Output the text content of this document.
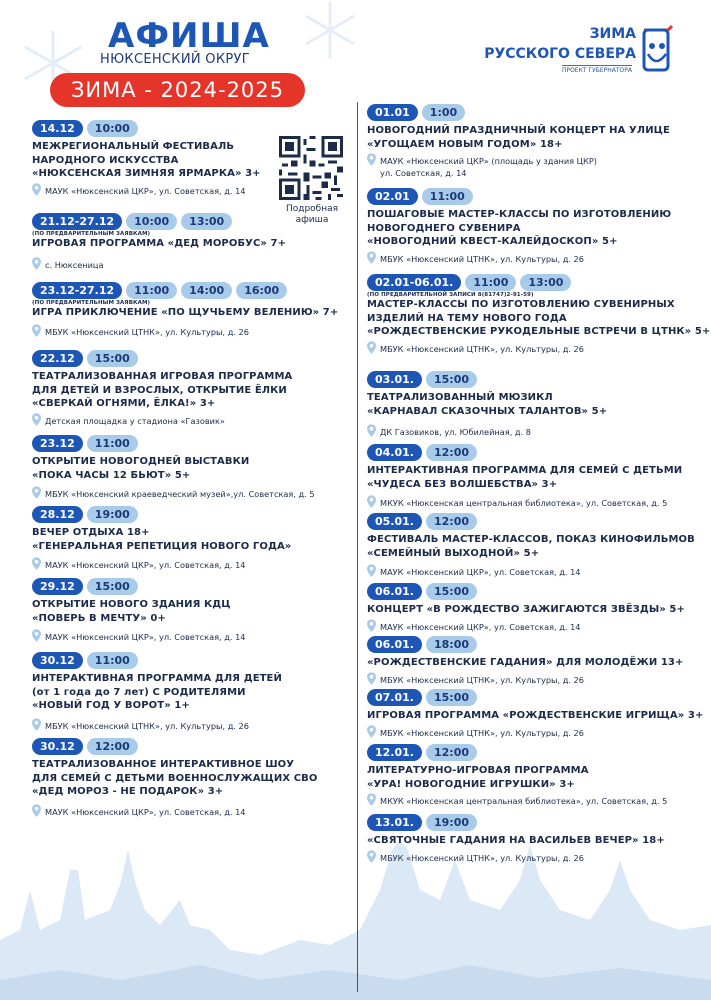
АФИША
НЮКСЕНСКИЙ ОКРУГ
ЗИМА - 2024-2025
ЗИМА
РУССКОГО СЕВЕРА
ПРОЕКТ ГУБЕРНАТОРА
Подробная
афиша
14.12	10:00
МЕЖРЕГИОНАЛЬНЫЙ ФЕСТИВАЛЬ
НАРОДНОГО ИСКУССТВА
«НЮКСЕНСКАЯ ЗИМНЯЯ ЯРМАРКА» 3+
МАУК «Нюксенский ЦКР», ул. Советская, д. 14
21.12-27.12	10:00	13:00
(ПО ПРЕДВАРИТЕЛЬНЫМ ЗАЯВКАМ)
ИГРОВАЯ ПРОГРАММА «ДЕД МОРОБУС» 7+
с. Нюксеница
23.12-27.12	11:00	14:00	16:00
(ПО ПРЕДВАРИТЕЛЬНЫМ ЗАЯВКАМ)
ИГРА ПРИКЛЮЧЕНИЕ «ПО ЩУЧЬЕМУ ВЕЛЕНИЮ» 7+
МБУК «Нюксенский ЦТНК», ул. Культуры, д. 26
22.12	15:00
ТЕАТРАЛИЗОВАННАЯ ИГРОВАЯ ПРОГРАММА
ДЛЯ ДЕТЕЙ И ВЗРОСЛЫХ, ОТКРЫТИЕ ЁЛКИ
«СВЕРКАЙ ОГНЯМИ, ЁЛКА!» 3+
Детская площадка у стадиона «Газовик»
23.12	11:00
ОТКРЫТИЕ НОВОГОДНЕЙ ВЫСТАВКИ
«ПОКА ЧАСЫ 12 БЬЮТ» 5+
МБУК «Нюксенский краеведческий музей»,ул. Советская, д. 5
28.12	19:00
ВЕЧЕР ОТДЫХА 18+
«ГЕНЕРАЛЬНАЯ РЕПЕТИЦИЯ НОВОГО ГОДА»
МАУК «Нюксенский ЦКР», ул. Советская, д. 14
29.12	15:00
ОТКРЫТИЕ НОВОГО ЗДАНИЯ КДЦ
«ПОВЕРЬ В МЕЧТУ» 0+
МАУК «Нюксенский ЦКР», ул. Советская, д. 14
30.12	11:00
ИНТЕРАКТИВНАЯ ПРОГРАММА ДЛЯ ДЕТЕЙ
(от 1 года до 7 лет) С РОДИТЕЛЯМИ
«НОВЫЙ ГОД У ВОРОТ» 1+
МБУК «Нюксенский ЦТНК», ул. Культуры, д. 26
30.12	12:00
ТЕАТРАЛИЗОВАННОЕ ИНТЕРАКТИВНОЕ ШОУ
ДЛЯ СЕМЕЙ С ДЕТЬМИ ВОЕННОСЛУЖАЩИХ СВО
«ДЕД МОРОЗ - НЕ ПОДАРОК» 3+
МАУК «Нюксенский ЦКР», ул. Советская, д. 14
01.01	1:00
НОВОГОДНИЙ ПРАЗДНИЧНЫЙ КОНЦЕРТ НА УЛИЦЕ
«УГОЩАЕМ НОВЫМ ГОДОМ» 18+
МАУК «Нюксенский ЦКР» (площадь у здания ЦКР)
ул. Советская, д. 14
02.01	11:00
ПОШАГОВЫЕ МАСТЕР-КЛАССЫ ПО ИЗГОТОВЛЕНИЮ
НОВОГОДНЕГО СУВЕНИРА
«НОВОГОДНИЙ КВЕСТ-КАЛЕЙДОСКОП» 5+
МБУК «Нюксенский ЦТНК», ул. Культуры, д. 26
02.01-06.01.	11:00	13:00
(ПО ПРЕДВАРИТЕЛЬНОЙ ЗАПИСИ 8(81747)2-91-59)
МАСТЕР-КЛАССЫ ПО ИЗГОТОВЛЕНИЮ СУВЕНИРНЫХ
ИЗДЕЛИЙ НА ТЕМУ НОВОГО ГОДА
«РОЖДЕСТВЕНСКИЕ РУКОДЕЛЬНЫЕ ВСТРЕЧИ В ЦТНК» 5+
МБУК «Нюксенский ЦТНК», ул. Культуры, д. 26
03.01.	15:00
ТЕАТРАЛИЗОВАННЫЙ МЮЗИКЛ
«КАРНАВАЛ СКАЗОЧНЫХ ТАЛАНТОВ» 5+
ДК Газовиков, ул. Юбилейная, д. 8
04.01.	12:00
ИНТЕРАКТИВНАЯ ПРОГРАММА ДЛЯ СЕМЕЙ С ДЕТЬМИ
«ЧУДЕСА БЕЗ ВОЛШЕБСТВА» 3+
МКУК «Нюксенская центральная библиотека», ул. Советская, д. 5
05.01.	12:00
ФЕСТИВАЛЬ МАСТЕР-КЛАССОВ, ПОКАЗ КИНОФИЛЬМОВ
«СЕМЕЙНЫЙ ВЫХОДНОЙ» 5+
МАУК «Нюксенский ЦКР», ул. Советская, д. 14
06.01.	15:00
КОНЦЕРТ «В РОЖДЕСТВО ЗАЖИГАЮТСЯ ЗВЁЗДЫ» 5+
МАУК «Нюксенский ЦКР», ул. Советская, д. 14
06.01.	18:00
«РОЖДЕСТВЕНСКИЕ ГАДАНИЯ» ДЛЯ МОЛОДЁЖИ 13+
МБУК «Нюксенский ЦТНК», ул. Культуры, д. 26
07.01.	15:00
ИГРОВАЯ ПРОГРАММА «РОЖДЕСТВЕНСКИЕ ИГРИЩА» 3+
МБУК «Нюксенский ЦТНК», ул. Культуры, д. 26
12.01.	12:00
ЛИТЕРАТУРНО-ИГРОВАЯ ПРОГРАММА
«УРА! НОВОГОДНИЕ ИГРУШКИ» 3+
МКУК «Нюксенская центральная библиотека», ул. Советская, д. 5
13.01.	19:00
«СВЯТОЧНЫЕ ГАДАНИЯ НА ВАСИЛЬЕВ ВЕЧЕР» 18+
МБУК «Нюксенский ЦТНК», ул. Культуры, д. 26
